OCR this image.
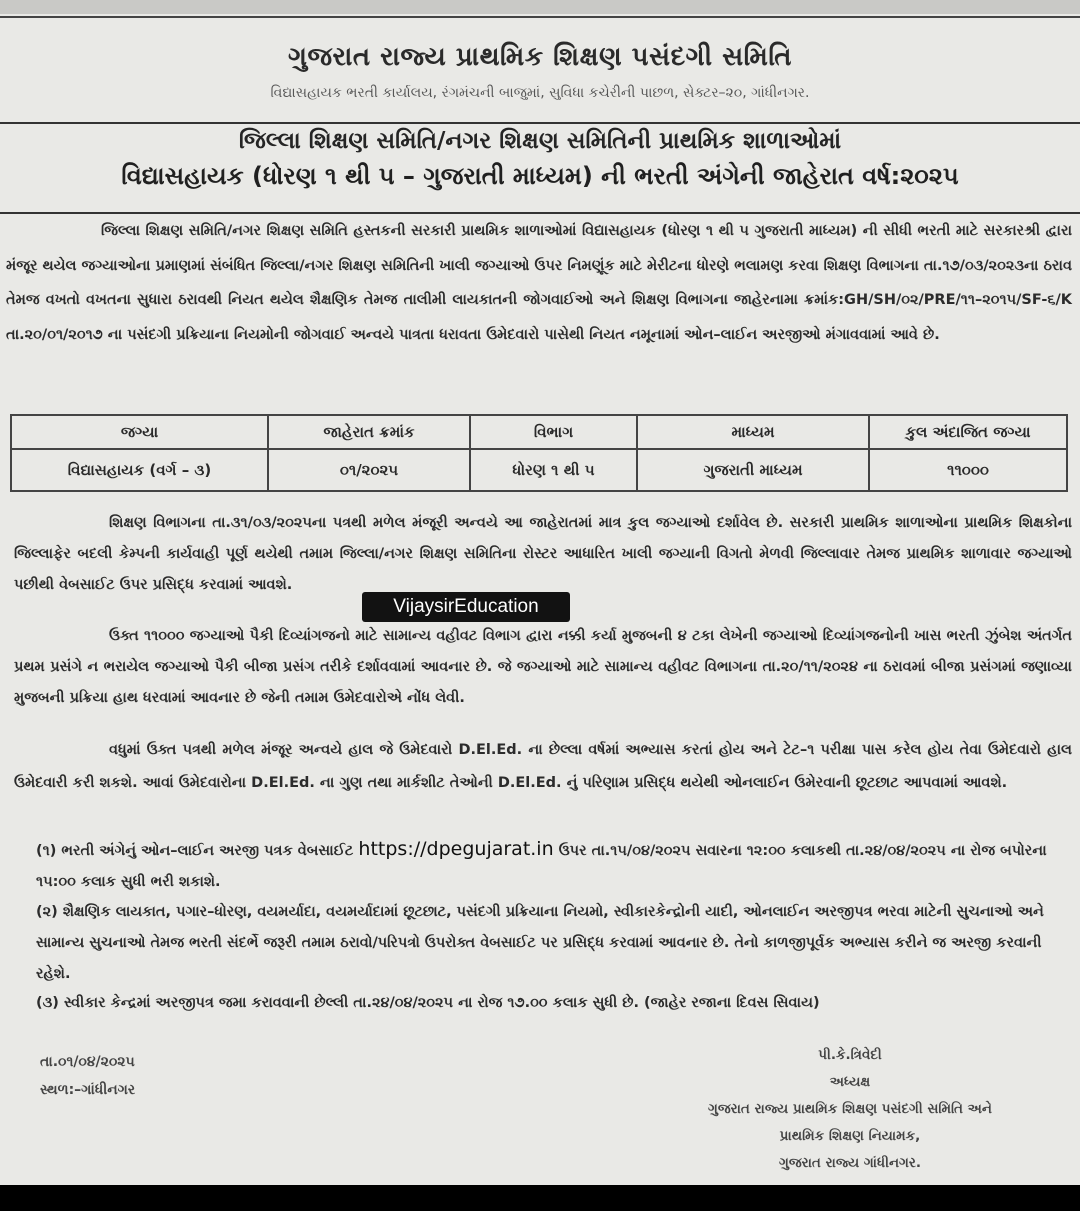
ગુજરાત રાજ્ય પ્રાથમિક શિક્ષણ પસંદગી સમિતિ
વિદ્યાસહાયક ભરતી કાર્યાલય, રંગમંચની બાજુમાં, સુવિધા કચેરીની પાછળ, સેક્ટર–૨૦, ગાંધીનગર.
જિલ્લા શિક્ષણ સમિતિ/નગર શિક્ષણ સમિતિની પ્રાથમિક શાળાઓમાં
વિદ્યાસહાયક (ધોરણ ૧ થી ૫ – ગુજરાતી માધ્યમ) ની ભરતી અંગેની જાહેરાત વર્ષ:૨૦૨૫
જિલ્લા શિક્ષણ સમિતિ/નગર શિક્ષણ સમિતિ હસ્તકની સરકારી પ્રાથમિક શાળાઓમાં વિદ્યાસહાયક (ધોરણ ૧ થી ૫ ગુજરાતી માધ્યમ) ની સીધી ભરતી માટે સરકારશ્રી દ્વારા મંજૂર થયેલ જગ્યાઓના પ્રમાણમાં સંબંધિત જિલ્લા/નગર શિક્ષણ સમિતિની ખાલી જગ્યાઓ ઉપર નિમણૂંક માટે મેરીટના ધોરણે ભલામણ કરવા શિક્ષણ વિભાગના તા.૧૭/૦૩/૨૦૨૩ના ઠરાવ તેમજ વખતો વખતના સુધારા ઠરાવથી નિયત થયેલ શૈક્ષણિક તેમજ તાલીમી લાયકાતની જોગવાઈઓ અને શિક્ષણ વિભાગના જાહેરનામા ક્રમાંક:GH/SH/૦૨/PRE/૧૧–૨૦૧૫/SF-૬/K તા.૨૦/૦૧/૨૦૧૭ ના પસંદગી પ્રક્રિયાના નિયમોની જોગવાઈ અન્વયે પાત્રતા ધરાવતા ઉમેદવારો પાસેથી નિયત નમૂનામાં ઓન–લાઈન અરજીઓ મંગાવવામાં આવે છે.
જગ્યા	જાહેરાત ક્રમાંક	વિભાગ	માધ્યમ	કુલ અંદાજિત જગ્યા
વિદ્યાસહાયક (વર્ગ – ૩)	૦૧/૨૦૨૫	ધોરણ ૧ થી ૫	ગુજરાતી માધ્યમ	૧૧૦૦૦
શિક્ષણ વિભાગના તા.૩૧/૦૩/૨૦૨૫ના પત્રથી મળેલ મંજૂરી અન્વયે આ જાહેરાતમાં માત્ર કુલ જગ્યાઓ દર્શાવેલ છે. સરકારી પ્રાથમિક શાળાઓના પ્રાથમિક શિક્ષકોના જિલ્લાફેર બદલી કેમ્પની કાર્યવાહી પૂર્ણ થયેથી તમામ જિલ્લા/નગર શિક્ષણ સમિતિના રોસ્ટર આધારિત ખાલી જગ્યાની વિગતો મેળવી જિલ્લાવાર તેમજ પ્રાથમિક શાળાવાર જગ્યાઓ પછીથી વેબસાઈટ ઉપર પ્રસિદ્ધ કરવામાં આવશે.
ઉક્ત ૧૧૦૦૦ જગ્યાઓ પૈકી દિવ્યાંગજનો માટે સામાન્ય વહીવટ વિભાગ દ્વારા નક્કી કર્યા મુજબની ૪ ટકા લેખેની જગ્યાઓ દિવ્યાંગજનોની ખાસ ભરતી ઝુંબેશ અંતર્ગત પ્રથમ પ્રસંગે ન ભરાયેલ જગ્યાઓ પૈકી બીજા પ્રસંગ તરીકે દર્શાવવામાં આવનાર છે. જે જગ્યાઓ માટે સામાન્ય વહીવટ વિભાગના તા.૨૦/૧૧/૨૦૨૪ ના ઠરાવમાં બીજા પ્રસંગમાં જણાવ્યા મુજબની પ્રક્રિયા હાથ ધરવામાં આવનાર છે જેની તમામ ઉમેદવારોએ નોંધ લેવી.
વધુમાં ઉક્ત પત્રથી મળેલ મંજૂર અન્વયે હાલ જે ઉમેદવારો D.El.Ed. ના છેલ્લા વર્ષમાં અભ્યાસ કરતાં હોય અને ટેટ–૧ પરીક્ષા પાસ કરેલ હોય તેવા ઉમેદવારો હાલ ઉમેદવારી કરી શકશે. આવાં ઉમેદવારોના D.El.Ed. ના ગુણ તથા માર્કશીટ તેઓની D.El.Ed. નું પરિણામ પ્રસિદ્ધ થયેથી ઓનલાઈન ઉમેરવાની છૂટછાટ આપવામાં આવશે.
(૧) ભરતી અંગેનું ઓન–લાઈન અરજી પત્રક વેબસાઈટ https://dpegujarat.in ઉપર તા.૧૫/૦૪/૨૦૨૫ સવારના ૧૨:૦૦ કલાકથી તા.૨૪/૦૪/૨૦૨૫ ના રોજ બપોરના ૧૫:૦૦ કલાક સુધી ભરી શકાશે.
(૨) શૈક્ષણિક લાયકાત, પગાર–ધોરણ, વયમર્યાદા, વયમર્યાદામાં છૂટછાટ, પસંદગી પ્રક્રિયાના નિયમો, સ્વીકારકેન્દ્રોની યાદી, ઓનલાઈન અરજીપત્ર ભરવા માટેની સુચનાઓ અને સામાન્ય સુચનાઓ તેમજ ભરતી સંદર્ભે જરૂરી તમામ ઠરાવો/પરિપત્રો ઉપરોક્ત વેબસાઈટ પર પ્રસિદ્ધ કરવામાં આવનાર છે. તેનો કાળજીપૂર્વક અભ્યાસ કરીને જ અરજી કરવાની રહેશે.
(૩) સ્વીકાર કેન્દ્રમાં અરજીપત્ર જમા કરાવવાની છેલ્લી તા.૨૪/૦૪/૨૦૨૫ ના રોજ ૧૭.૦૦ કલાક સુધી છે. (જાહેર રજાના દિવસ સિવાય)
તા.૦૧/૦૪/૨૦૨૫
સ્થળ:–ગાંધીનગર
પી.કે.ત્રિવેદી
અધ્યક્ષ
ગુજરાત રાજ્ય પ્રાથમિક શિક્ષણ પસંદગી સમિતિ અને
પ્રાથમિક શિક્ષણ નિયામક,
ગુજરાત રાજ્ય ગાંધીનગર.
VijaysirEducation
